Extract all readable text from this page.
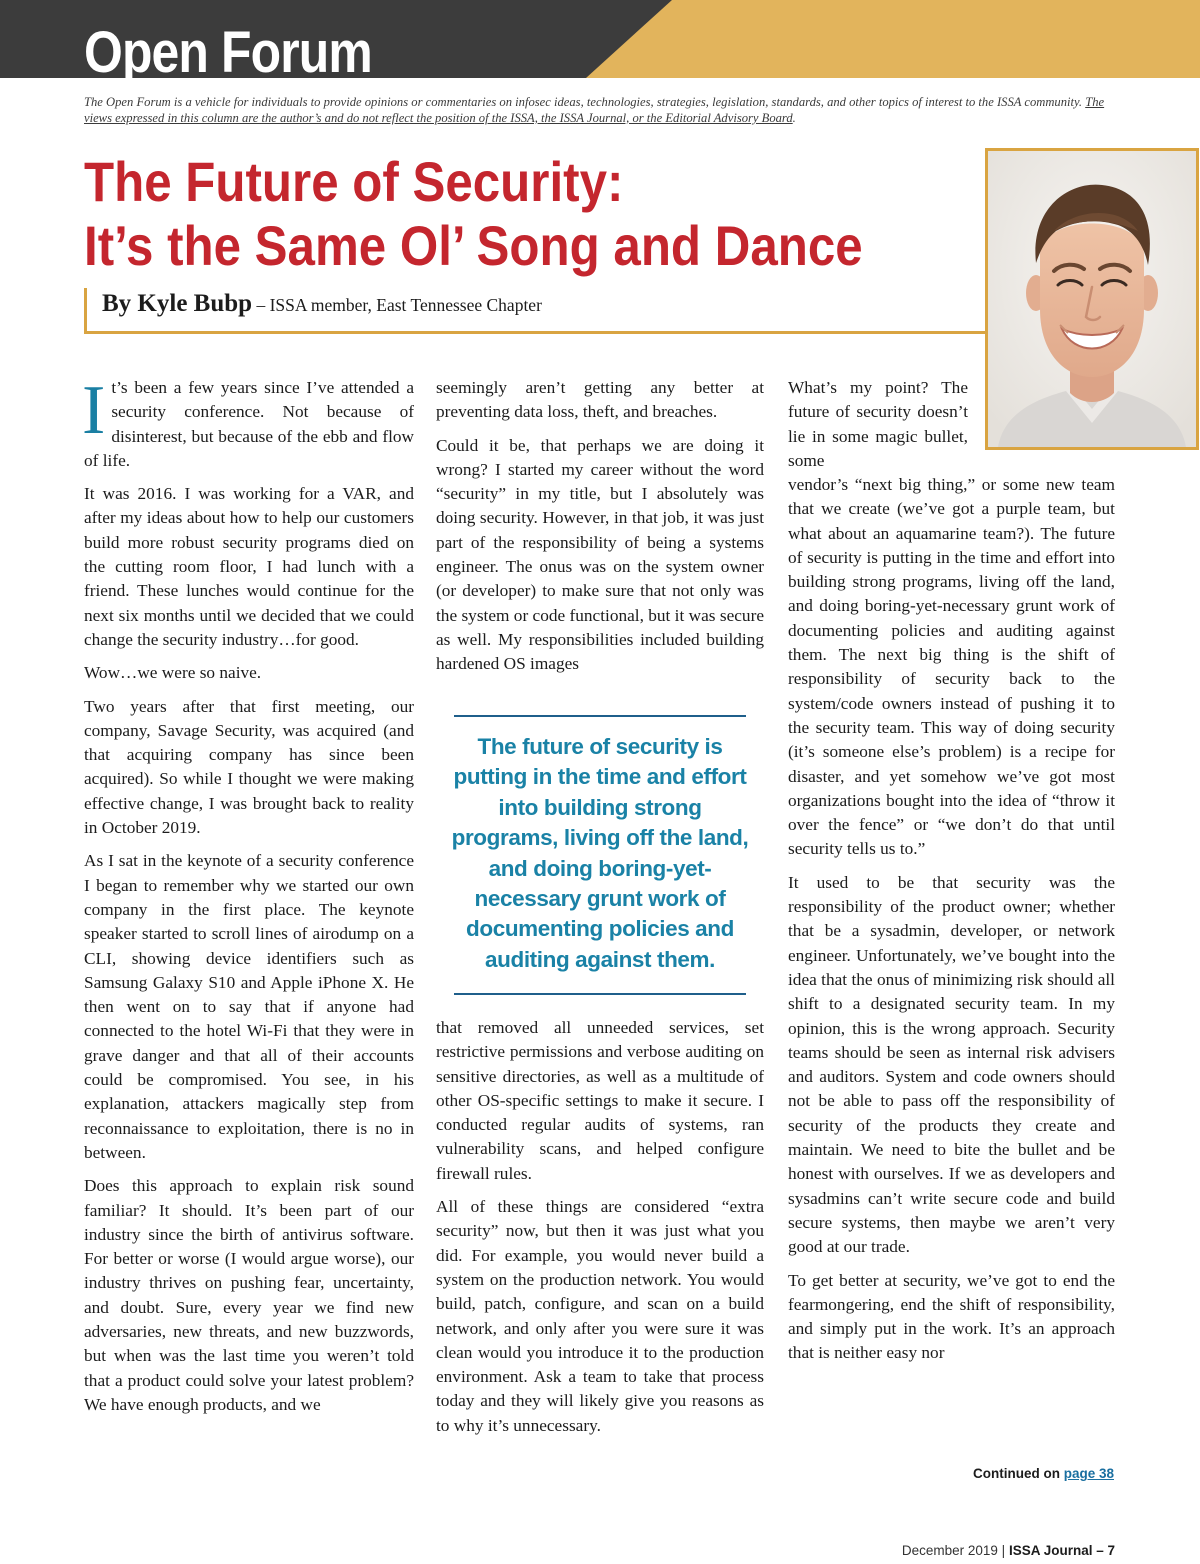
Open Forum

The Open Forum is a vehicle for individuals to provide opinions or commentaries on infosec ideas, technologies, strategies, legislation, standards, and other topics of interest to the ISSA community. The views expressed in this column are the author’s and do not reflect the position of the ISSA, the ISSA Journal, or the Editorial Advisory Board.

The Future of Security:
It’s the Same Ol’ Song and Dance
By Kyle Bubp – ISSA member, East Tennessee Chapter

It’s been a few years since I’ve attended a security conference. Not because of disinterest, but because of the ebb and flow of life.

It was 2016. I was working for a VAR, and after my ideas about how to help our customers build more robust security programs died on the cutting room floor, I had lunch with a friend. These lunches would continue for the next six months until we decided that we could change the security industry…for good.

Wow…we were so naive.

Two years after that first meeting, our company, Savage Security, was acquired (and that acquiring company has since been acquired). So while I thought we were making effective change, I was brought back to reality in October 2019.

As I sat in the keynote of a security conference I began to remember why we started our own company in the first place. The keynote speaker started to scroll lines of airodump on a CLI, showing device identifiers such as Samsung Galaxy S10 and Apple iPhone X. He then went on to say that if anyone had connected to the hotel Wi-Fi that they were in grave danger and that all of their accounts could be compromised. You see, in his explanation, attackers magically step from reconnaissance to exploitation, there is no in between.

Does this approach to explain risk sound familiar? It should. It’s been part of our industry since the birth of antivirus software. For better or worse (I would argue worse), our industry thrives on pushing fear, uncertainty, and doubt. Sure, every year we find new adversaries, new threats, and new buzzwords, but when was the last time you weren’t told that a product could solve your latest problem? We have enough products, and we

seemingly aren’t getting any better at preventing data loss, theft, and breaches.

Could it be, that perhaps we are doing it wrong? I started my career without the word “security” in my title, but I absolutely was doing security. However, in that job, it was just part of the responsibility of being a systems engineer. The onus was on the system owner (or developer) to make sure that not only was the system or code functional, but it was secure as well. My responsibilities included building hardened OS images

The future of security is putting in the time and effort into building strong programs, living off the land, and doing boring-yet-necessary grunt work of documenting policies and auditing against them.

that removed all unneeded services, set restrictive permissions and verbose auditing on sensitive directories, as well as a multitude of other OS-specific settings to make it secure. I conducted regular audits of systems, ran vulnerability scans, and helped configure firewall rules.

All of these things are considered “extra security” now, but then it was just what you did. For example, you would never build a system on the production network. You would build, patch, configure, and scan on a build network, and only after you were sure it was clean would you introduce it to the production environment. Ask a team to take that process today and they will likely give you reasons as to why it’s unnecessary.

What’s my point? The future of security doesn’t lie in some magic bullet, some

vendor’s “next big thing,” or some new team that we create (we’ve got a purple team, but what about an aquamarine team?). The future of security is putting in the time and effort into building strong programs, living off the land, and doing boring-yet-necessary grunt work of documenting policies and auditing against them. The next big thing is the shift of responsibility of security back to the system/code owners instead of pushing it to the security team. This way of doing security (it’s someone else’s problem) is a recipe for disaster, and yet somehow we’ve got most organizations bought into the idea of “throw it over the fence” or “we don’t do that until security tells us to.”

It used to be that security was the responsibility of the product owner; whether that be a sysadmin, developer, or network engineer. Unfortunately, we’ve bought into the idea that the onus of minimizing risk should all shift to a designated security team. In my opinion, this is the wrong approach. Security teams should be seen as internal risk advisers and auditors. System and code owners should not be able to pass off the responsibility of security of the products they create and maintain. We need to bite the bullet and be honest with ourselves. If we as developers and sysadmins can’t write secure code and build secure systems, then maybe we aren’t very good at our trade.

To get better at security, we’ve got to end the fearmongering, end the shift of responsibility, and simply put in the work. It’s an approach that is neither easy nor

Continued on page 38
December 2019 | ISSA Journal – 7
